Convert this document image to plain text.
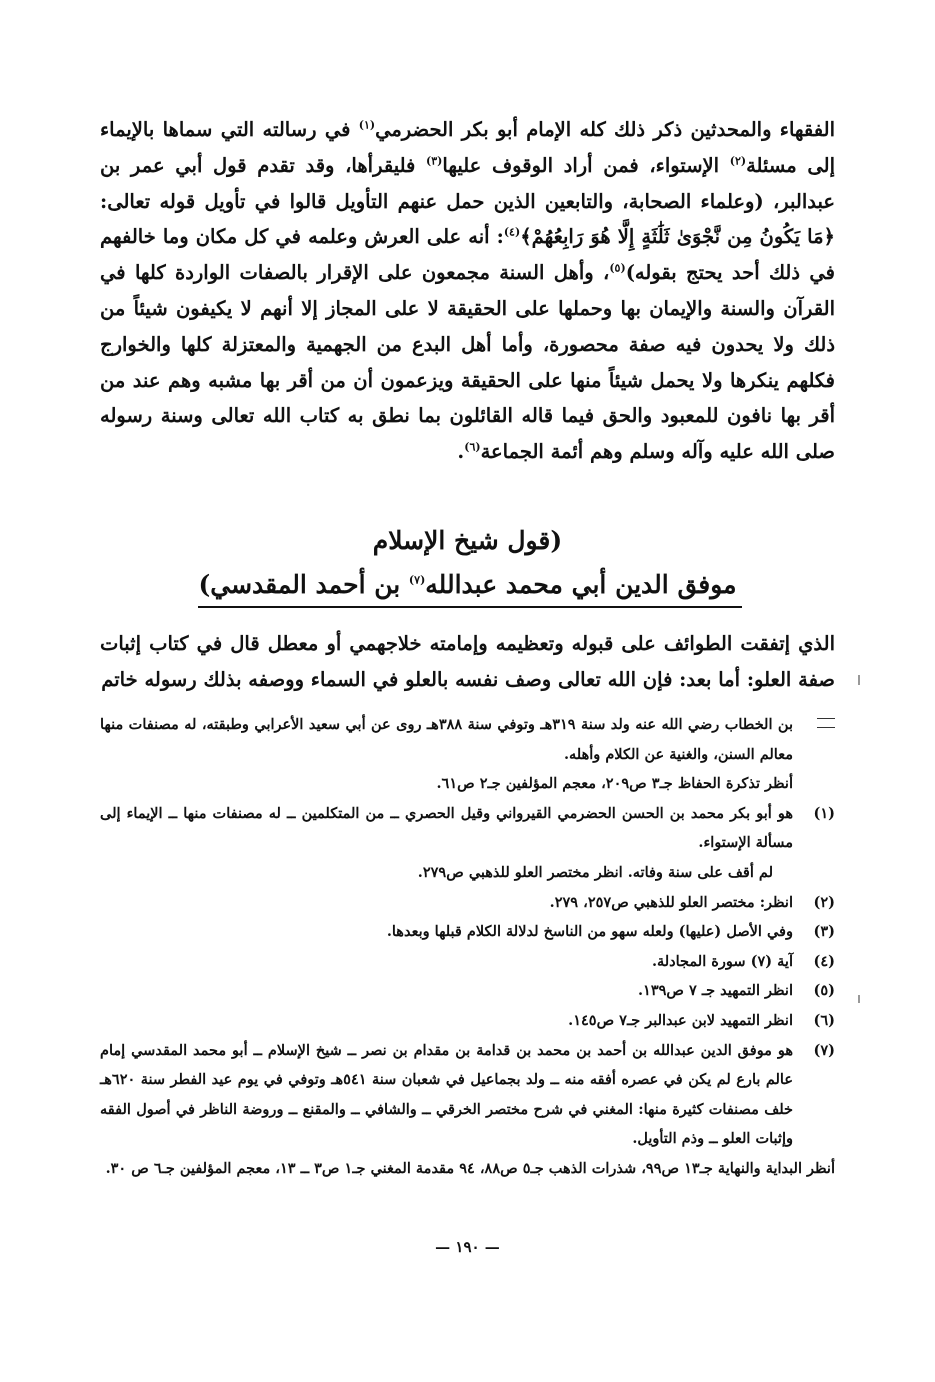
الفقهاء والمحدثين ذكر ذلك كله الإمام أبو بكر الحضرمي$^{(١)}$ في رسالته التي سماها بالإيماء إلى مسئلة$^{(٢)}$ الإستواء، فمن أراد الوقوف عليها$^{(٣)}$ فليقرأها، وقد تقدم قول أبي عمر بن عبدالبر، (وعلماء الصحابة، والتابعين الذين حمل عنهم التأويل قالوا في تأويل قوله تعالى: ﴿مَا يَكُونُ مِن نَّجْوَىٰ ثَلَٰثَةٍ إِلَّا هُوَ رَابِعُهُمْ﴾$^{(٤)}$: أنه على العرش وعلمه في كل مكان وما خالفهم في ذلك أحد يحتج بقوله)$^{(٥)}$، وأهل السنة مجمعون على الإقرار بالصفات الواردة كلها في القرآن والسنة والإيمان بها وحملها على الحقيقة لا على المجاز إلا أنهم لا يكيفون شيئاً من ذلك ولا يحدون فيه صفة محصورة، وأما أهل البدع من الجهمية والمعتزلة كلها والخوارج فكلهم ينكرها ولا يحمل شيئاً منها على الحقيقة ويزعمون أن من أقر بها مشبه وهم عند من أقر بها نافون للمعبود والحق فيما قاله القائلون بما نطق به كتاب الله تعالى وسنة رسوله صلى الله عليه وآله وسلم وهم أئمة الجماعة$^{(٦)}$.

(قول شيخ الإسلام
موفق الدين أبي محمد عبدالله$^{(٧)}$ بن أحمد المقدسي)

الذي إتفقت الطوائف على قبوله وتعظيمه وإمامته خلاجهمي أو معطل قال في كتاب إثبات صفة العلو: أما بعد: فإن الله تعالى وصف نفسه بالعلو في السماء ووصفه بذلك رسوله خاتم

بن الخطاب رضي الله عنه ولد سنة ٣١٩هـ وتوفي سنة ٣٨٨هـ روى عن أبي سعيد الأعرابي وطبقته، له مصنفات منها معالم السنن، والغنية عن الكلام وأهله.
أنظر تذكرة الحفاظ جـ٣ ص٢٠٩، معجم المؤلفين جـ٢ ص٦١.
(١)
هو أبو بكر محمد بن الحسن الحضرمي القيرواني وقيل الحصري ــ من المتكلمين ــ له مصنفات منها ــ الإيماء إلى مسألة الإستواء.
لم أقف على سنة وفاته. انظر مختصر العلو للذهبي ص٢٧٩.
(٢)
انظر: مختصر العلو للذهبي ص٢٥٧، ٢٧٩.
(٣)
وفي الأصل (عليها) ولعله سهو من الناسخ لدلالة الكلام قبلها وبعدها.
(٤)
آية (٧) سورة المجادلة.
(٥)
انظر التمهيد جـ ٧ ص١٣٩.
(٦)
انظر التمهيد لابن عبدالبر جـ٧ ص١٤٥.
(٧)
هو موفق الدين عبدالله بن أحمد بن محمد بن قدامة بن مقدام بن نصر ــ شيخ الإسلام ــ أبو محمد المقدسي إمام عالم بارع لم يكن في عصره أفقه منه ــ ولد بجماعيل في شعبان سنة ٥٤١هـ وتوفي في يوم عيد الفطر سنة ٦٢٠هـ خلف مصنفات كثيرة منها: المغني في شرح مختصر الخرقي ــ والشافي ــ والمقنع ــ وروضة الناظر في أصول الفقه وإثبات العلو ــ وذم التأويل.
أنظر البداية والنهاية جـ١٣ ص٩٩، شذرات الذهب جـ٥ ص٨٨، ٩٤ مقدمة المغني جـ١ ص٣ ــ ١٣، معجم المؤلفين جـ٦ ص ٣٠.
— ١٩٠ —
